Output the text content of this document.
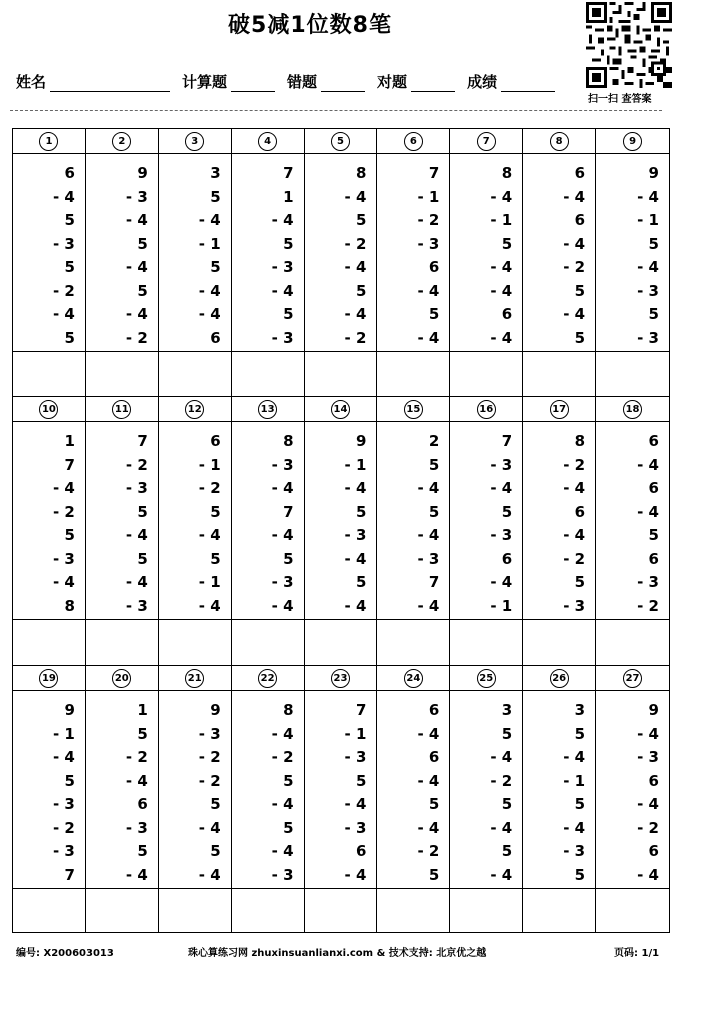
破5减1位数8笔
扫一扫 查答案
姓名	计算题	错题	对题	成绩
1
6
- 4
5
- 3
5
- 2
- 4
5
2
9
- 3
- 4
5
- 4
5
- 4
- 2
3
3
5
- 4
- 1
5
- 4
- 4
6
4
7
1
- 4
5
- 3
- 4
5
- 3
5
8
- 4
5
- 2
- 4
5
- 4
- 2
6
7
- 1
- 2
- 3
6
- 4
5
- 4
7
8
- 4
- 1
5
- 4
- 4
6
- 4
8
6
- 4
6
- 4
- 2
5
- 4
5
9
9
- 4
- 1
5
- 4
- 3
5
- 3
10
1
7
- 4
- 2
5
- 3
- 4
8
11
7
- 2
- 3
5
- 4
5
- 4
- 3
12
6
- 1
- 2
5
- 4
5
- 1
- 4
13
8
- 3
- 4
7
- 4
5
- 3
- 4
14
9
- 1
- 4
5
- 3
- 4
5
- 4
15
2
5
- 4
5
- 4
- 3
7
- 4
16
7
- 3
- 4
5
- 3
6
- 4
- 1
17
8
- 2
- 4
6
- 4
- 2
5
- 3
18
6
- 4
6
- 4
5
6
- 3
- 2
19
9
- 1
- 4
5
- 3
- 2
- 3
7
20
1
5
- 2
- 4
6
- 3
5
- 4
21
9
- 3
- 2
- 2
5
- 4
5
- 4
22
8
- 4
- 2
5
- 4
5
- 4
- 3
23
7
- 1
- 3
5
- 4
- 3
6
- 4
24
6
- 4
6
- 4
5
- 4
- 2
5
25
3
5
- 4
- 2
5
- 4
5
- 4
26
3
5
- 4
- 1
5
- 4
- 3
5
27
9
- 4
- 3
6
- 4
- 2
6
- 4
编号: X200603013	珠心算练习网 zhuxinsuanlianxi.com & 技术支持: 北京优之越	页码: 1/1
